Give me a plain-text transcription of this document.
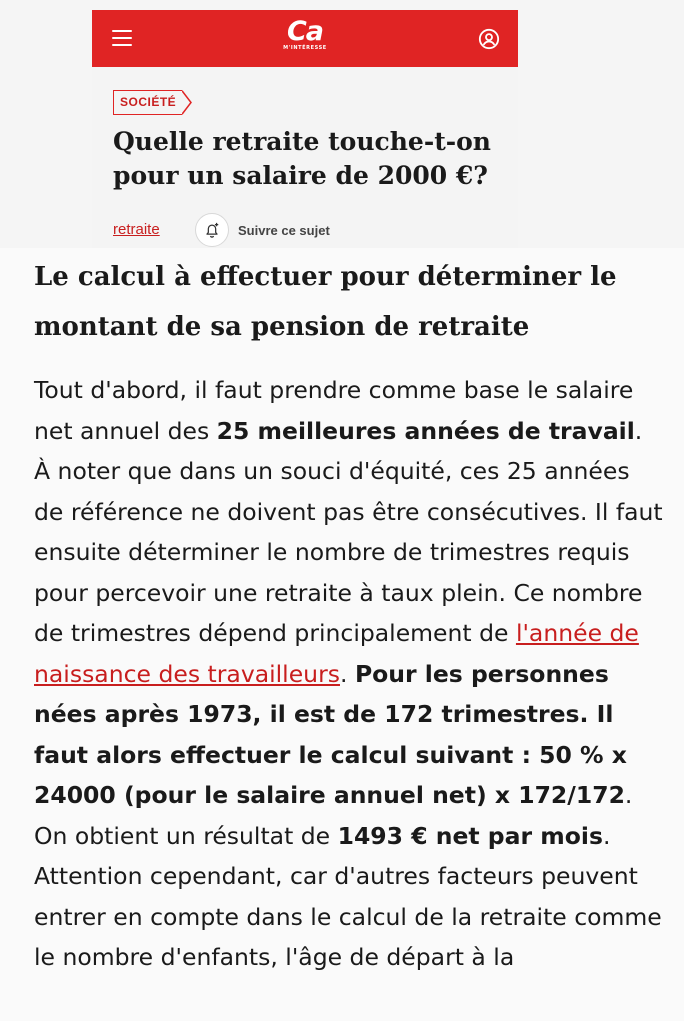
Ca
M'INTÉRESSE
SOCIÉTÉ
Quelle retraite touche-t-on pour un salaire de 2000 €?
retraite	Suivre ce sujet
Le calcul à effectuer pour déterminer le montant de sa pension de retraite

Tout d'abord, il faut prendre comme base le salaire net annuel des 25 meilleures années de travail. À noter que dans un souci d'équité, ces 25 années de référence ne doivent pas être consécutives. Il faut ensuite déterminer le nombre de trimestres requis pour percevoir une retraite à taux plein. Ce nombre de trimestres dépend principalement de l'année de naissance des travailleurs. Pour les personnes nées après 1973, il est de 172 trimestres. Il faut alors effectuer le calcul suivant : 50 % x 24000 (pour le salaire annuel net) x 172/172. On obtient un résultat de 1493 € net par mois. Attention cependant, car d'autres facteurs peuvent entrer en compte dans le calcul de la retraite comme le nombre d'enfants, l'âge de départ à la
